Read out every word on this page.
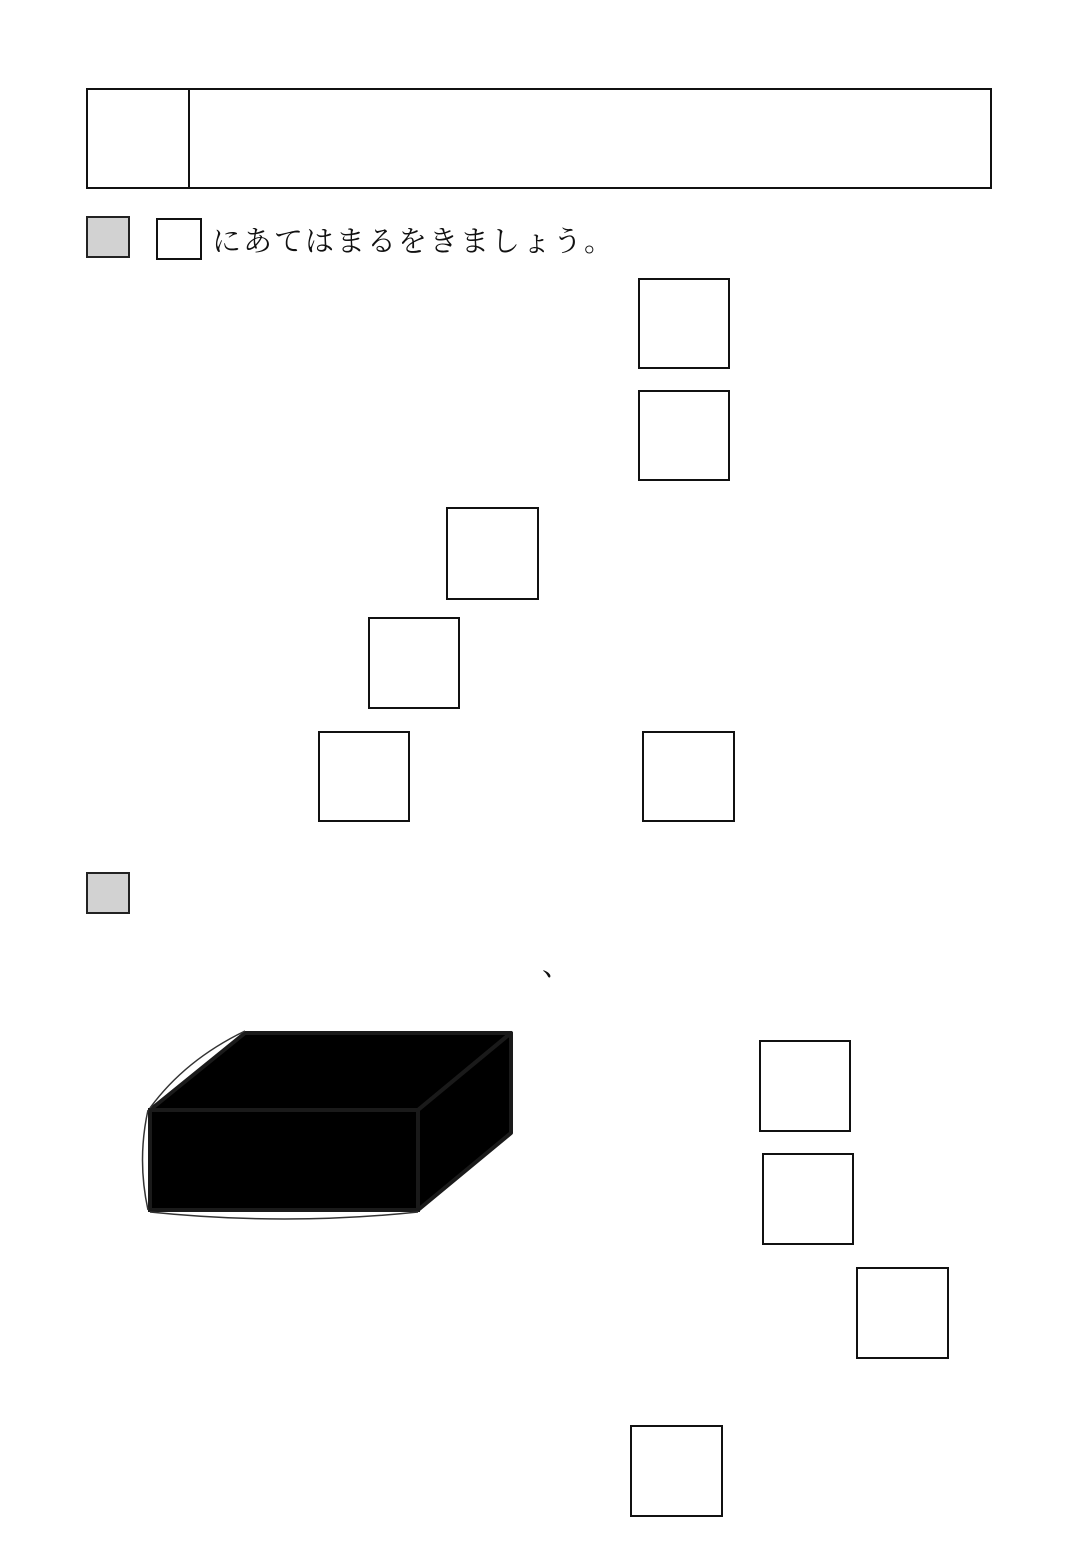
にあてはまる
を
きましょう。
、
